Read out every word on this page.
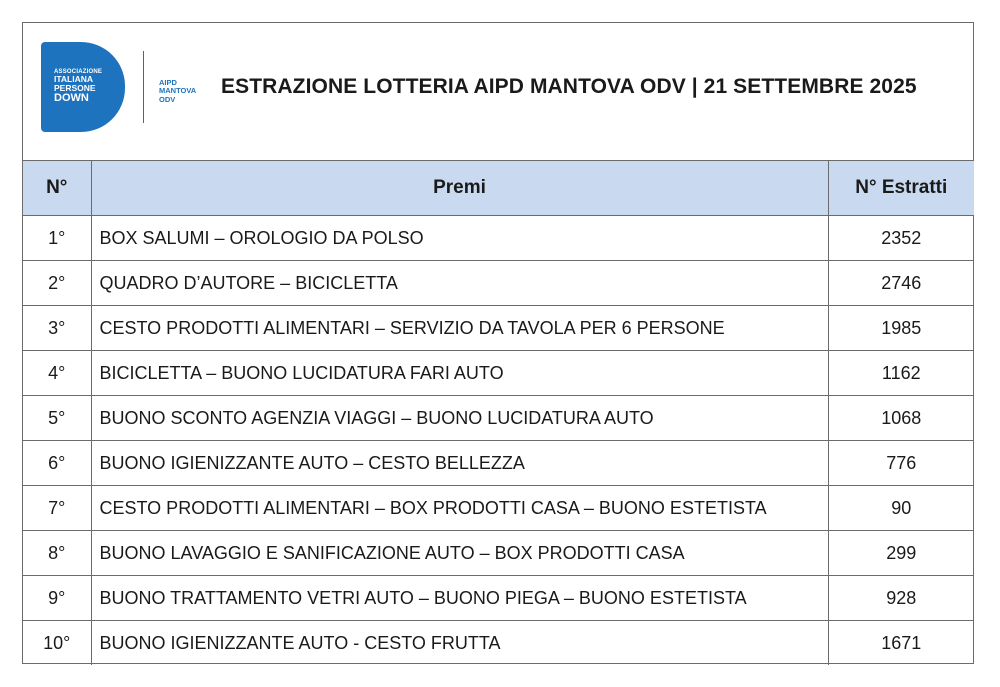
ASSOCIAZIONE
ITALIANA
PERSONE
DOWN
AIPD
MANTOVA
ODV
ESTRAZIONE LOTTERIA AIPD MANTOVA ODV | 21 SETTEMBRE 2025
N°	Premi	N° Estratti
1°	BOX SALUMI – OROLOGIO DA POLSO	2352
2°	QUADRO D’AUTORE – BICICLETTA	2746
3°	CESTO PRODOTTI ALIMENTARI – SERVIZIO DA TAVOLA PER 6 PERSONE	1985
4°	BICICLETTA – BUONO LUCIDATURA FARI AUTO	1162
5°	BUONO SCONTO AGENZIA VIAGGI – BUONO LUCIDATURA AUTO	1068
6°	BUONO IGIENIZZANTE AUTO – CESTO BELLEZZA	776
7°	CESTO PRODOTTI ALIMENTARI – BOX PRODOTTI CASA – BUONO ESTETISTA	90
8°	BUONO LAVAGGIO E SANIFICAZIONE AUTO – BOX PRODOTTI CASA	299
9°	BUONO TRATTAMENTO VETRI AUTO – BUONO PIEGA – BUONO ESTETISTA	928
10°	BUONO IGIENIZZANTE AUTO - CESTO FRUTTA	1671
